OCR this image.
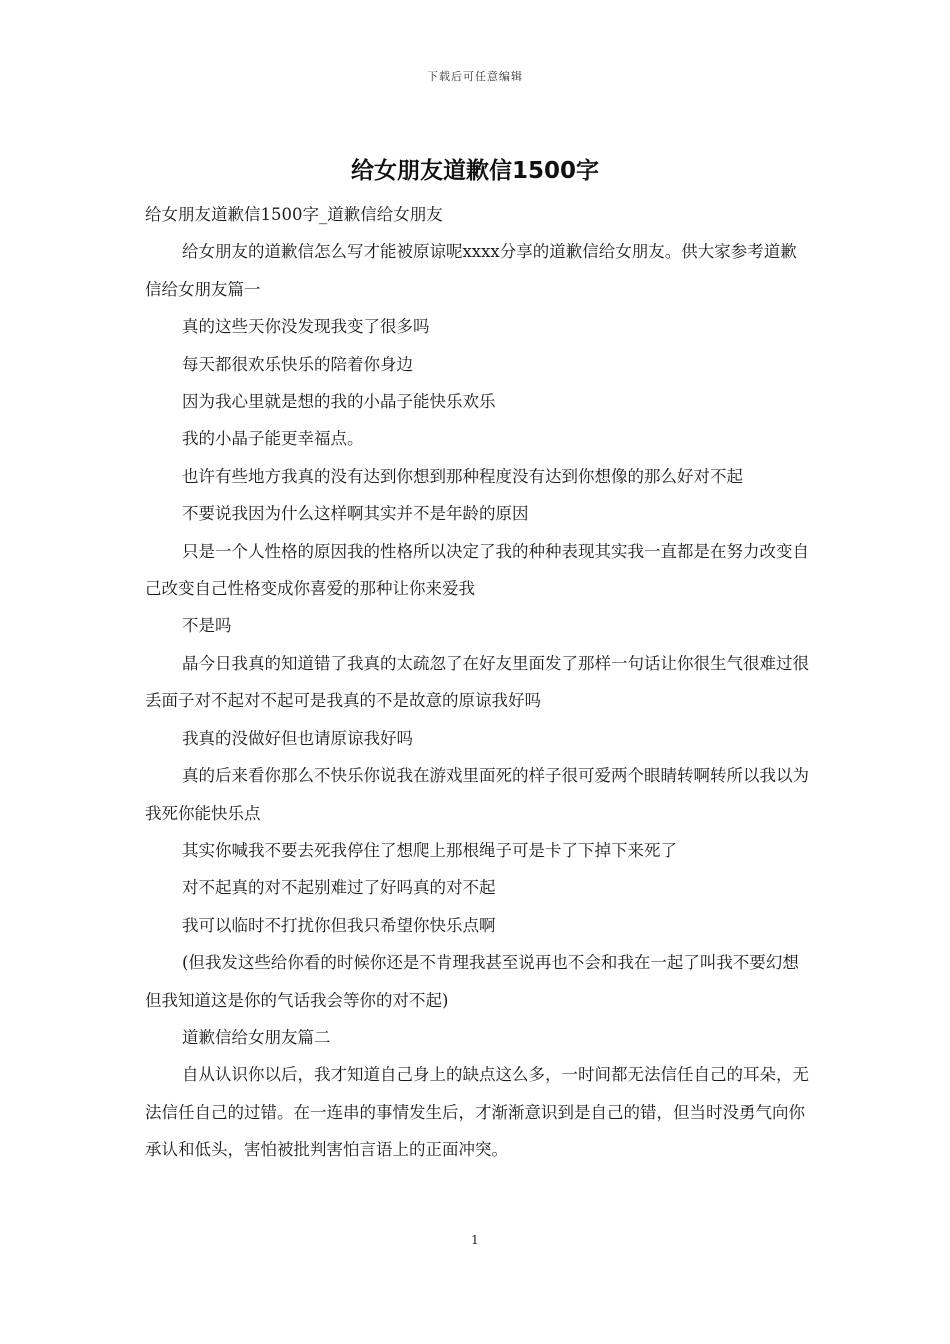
下载后可任意编辑
给女朋友道歉信1500字

给女朋友道歉信1500字_道歉信给女朋友

给女朋友的道歉信怎么写才能被原谅呢xxxx分享的道歉信给女朋友。供大家参考道歉信给女朋友篇一

真的这些天你没发现我变了很多吗

每天都很欢乐快乐的陪着你身边

因为我心里就是想的我的小晶子能快乐欢乐

我的小晶子能更幸福点。

也许有些地方我真的没有达到你想到那种程度没有达到你想像的那么好对不起

不要说我因为什么这样啊其实并不是年龄的原因

只是一个人性格的原因我的性格所以决定了我的种种表现其实我一直都是在努力改变自己改变自己性格变成你喜爱的那种让你来爱我

不是吗

晶今日我真的知道错了我真的太疏忽了在好友里面发了那样一句话让你很生气很难过很丢面子对不起对不起可是我真的不是故意的原谅我好吗

我真的没做好但也请原谅我好吗

真的后来看你那么不快乐你说我在游戏里面死的样子很可爱两个眼睛转啊转所以我以为我死你能快乐点

其实你喊我不要去死我停住了想爬上那根绳子可是卡了下掉下来死了

对不起真的对不起别难过了好吗真的对不起

我可以临时不打扰你但我只希望你快乐点啊

(但我发这些给你看的时候你还是不肯理我甚至说再也不会和我在一起了叫我不要幻想但我知道这是你的气话我会等你的对不起)

道歉信给女朋友篇二

自从认识你以后，我才知道自己身上的缺点这么多，一时间都无法信任自己的耳朵，无法信任自己的过错。在一连串的事情发生后，才渐渐意识到是自己的错，但当时没勇气向你承认和低头，害怕被批判害怕言语上的正面冲突。

1
